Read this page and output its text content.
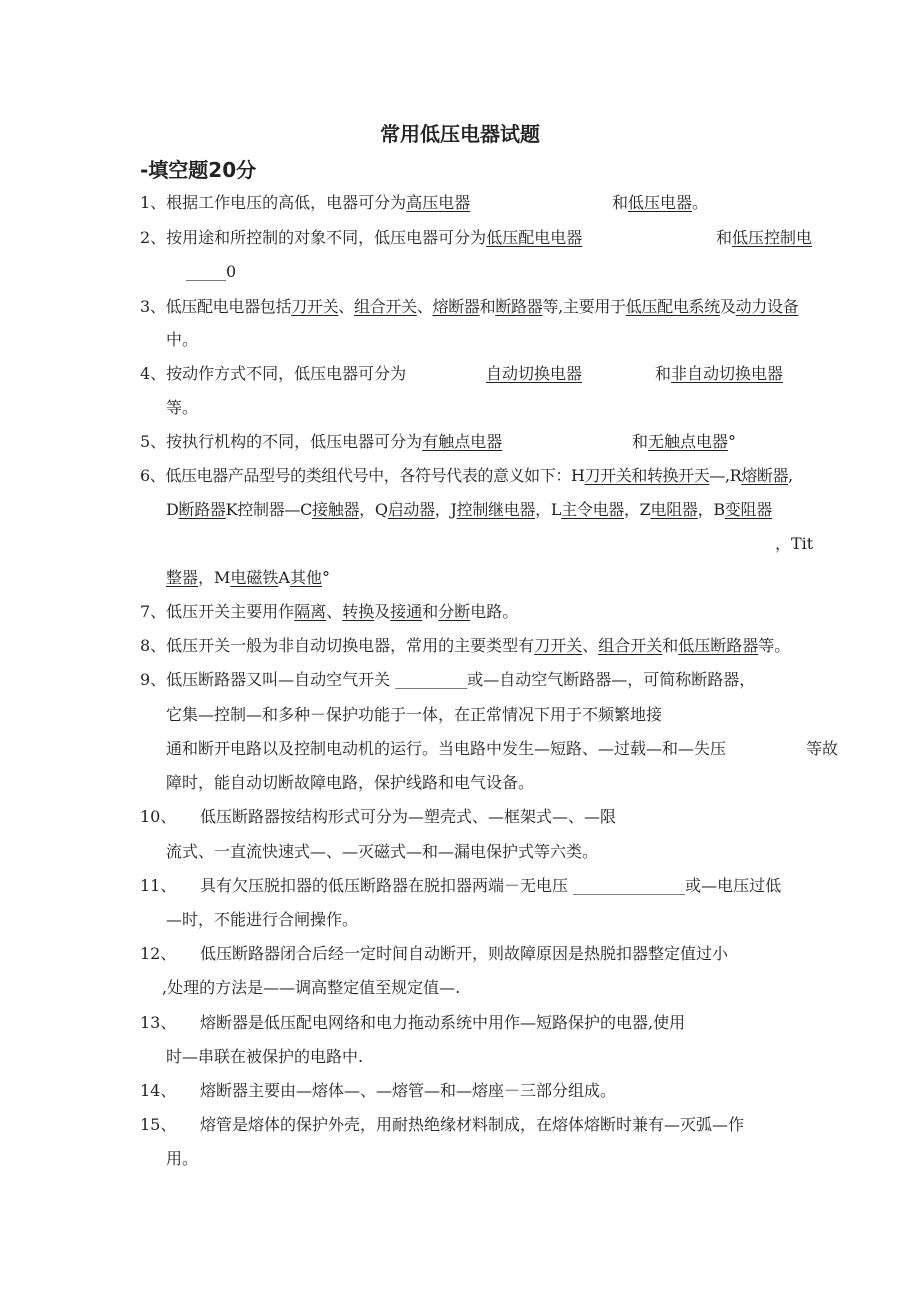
常用低压电器试题
-填空题20分
1、根据工作电压的高低，电器可分为高压电器	和低压电器。
2、按用途和所控制的对象不同，低压电器可分为低压配电电器	和低压控制电
_____0
3、低压配电电器包括刀开关、组合开关、熔断器和断路器等,主要用于低压配电系统及动力设备
中。
4、按动作方式不同，低压电器可分为	自动切换电器	和非自动切换电器
等。
5、按执行机构的不同，低压电器可分为有触点电器	和无触点电器°
6、低压电器产品型号的类组代号中，各符号代表的意义如下：H刀开关和转换开天—,R熔断器,
D断路器K控制器—C接触器，Q启动器，J控制继电器，L主令电器，Z电阻器，B变阻器
，Tit
整器，M电磁铁A其他°
7、低压开关主要用作隔离、转换及接通和分断电路。
8、低压开关一般为非自动切换电器，常用的主要类型有刀开关、组合开关和低压断路器等。
9、低压断路器又叫—自动空气开关 _________或—自动空气断路器—，可简称断路器，
它集—控制—和多种－保护功能于一体，在正常情况下用于不频繁地接
通和断开电路以及控制电动机的运行。当电路中发生—短路、—过载—和—失压	等故
障时，能自动切断故障电路，保护线路和电气设备。
10、 低压断路器按结构形式可分为—塑壳式、—框架式—、—限
流式、一直流快速式—、—灭磁式—和—漏电保护式等六类。
11、 具有欠压脱扣器的低压断路器在脱扣器两端－无电压 ______________或—电压过低
—时，不能进行合闸操作。
12、 低压断路器闭合后经一定时间自动断开，则故障原因是热脱扣器整定值过小
,处理的方法是——调高整定值至规定值—.
13、 熔断器是低压配电网络和电力拖动系统中用作—短路保护的电器,使用
时—串联在被保护的电路中.
14、 熔断器主要由—熔体—、—熔管—和—熔座－三部分组成。
15、 熔管是熔体的保护外壳，用耐热绝缘材料制成，在熔体熔断时兼有—灭弧—作
用。
